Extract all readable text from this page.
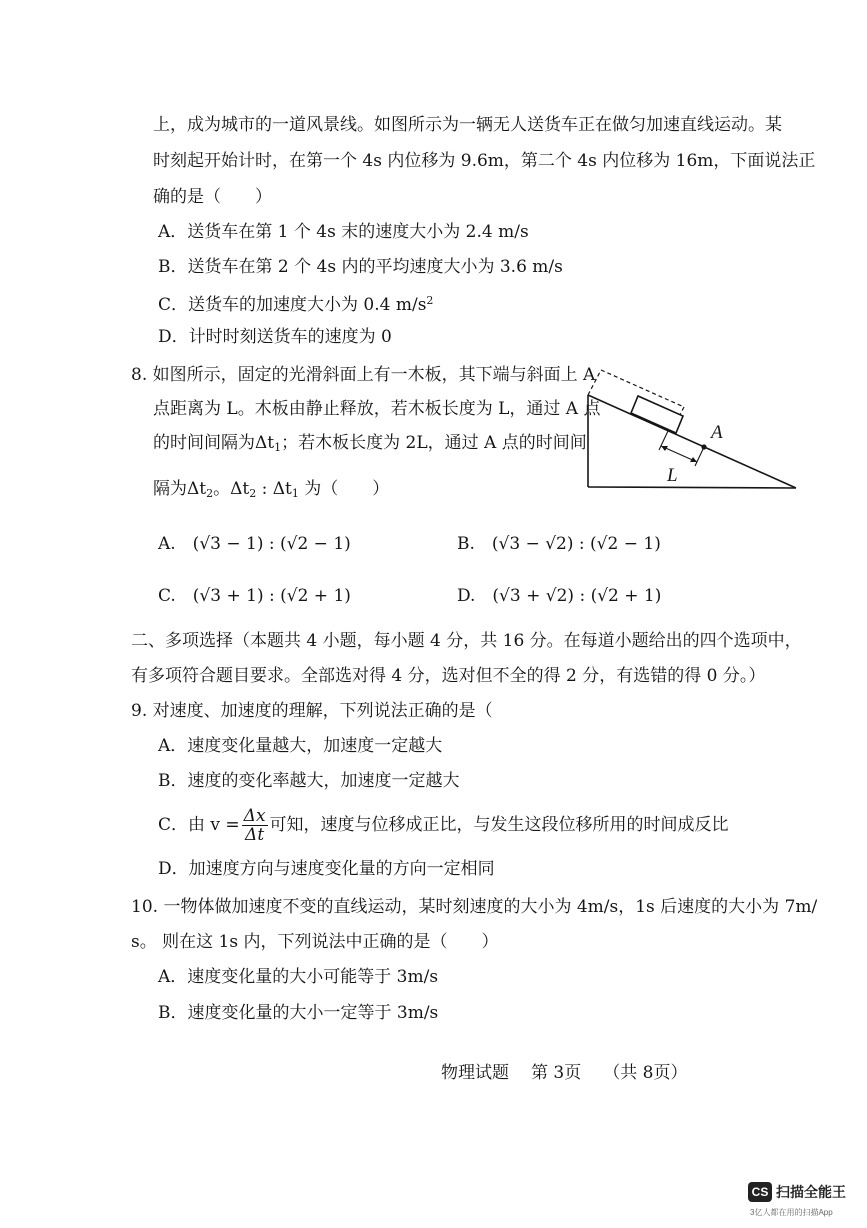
上，成为城市的一道风景线。如图所示为一辆无人送货车正在做匀加速直线运动。某
时刻起开始计时，在第一个 4s 内位移为 9.6m，第二个 4s 内位移为 16m，下面说法正
确的是（　　）
A．送货车在第 1 个 4s 末的速度大小为 2.4 m/s
B．送货车在第 2 个 4s 内的平均速度大小为 3.6 m/s
C．送货车的加速度大小为 0.4 $m/s^2$
D．计时时刻送货车的速度为 0
8. 如图所示，固定的光滑斜面上有一木板，其下端与斜面上 A
点距离为 L。木板由静止释放，若木板长度为 L，通过 A 点
的时间间隔为$\Delta t_1$；若木板长度为 2L，通过 A 点的时间间
隔为$\Delta t_2$。$\Delta t_2$ : $\Delta t_1$ 为（　　）
A
L
A.　(√3 − 1) : (√2 − 1)	B.　(√3 − √2) : (√2 − 1)
C.　(√3 + 1) : (√2 + 1)	D.　(√3 + √2) : (√2 + 1)
二、多项选择（本题共 4 小题，每小题 4 分，共 16 分。在每道小题给出的四个选项中，
有多项符合题目要求。全部选对得 4 分，选对但不全的得 2 分，有选错的得 0 分。）
9. 对速度、加速度的理解，下列说法正确的是（
A．速度变化量越大，加速度一定越大
B．速度的变化率越大，加速度一定越大
C．由 $v = \frac{\Delta x}{\Delta t}$ 可知，速度与位移成正比，与发生这段位移所用的时间成反比
D．加速度方向与速度变化量的方向一定相同
10. 一物体做加速度不变的直线运动，某时刻速度的大小为 4m/s，1s 后速度的大小为 7m/
s。 则在这 1s 内，下列说法中正确的是（　　）
A．速度变化量的大小可能等于 3m/s
B．速度变化量的大小一定等于 3m/s
物理试题 第 3页 （共 8页）
CS 扫描全能王
3亿人都在用的扫描App
